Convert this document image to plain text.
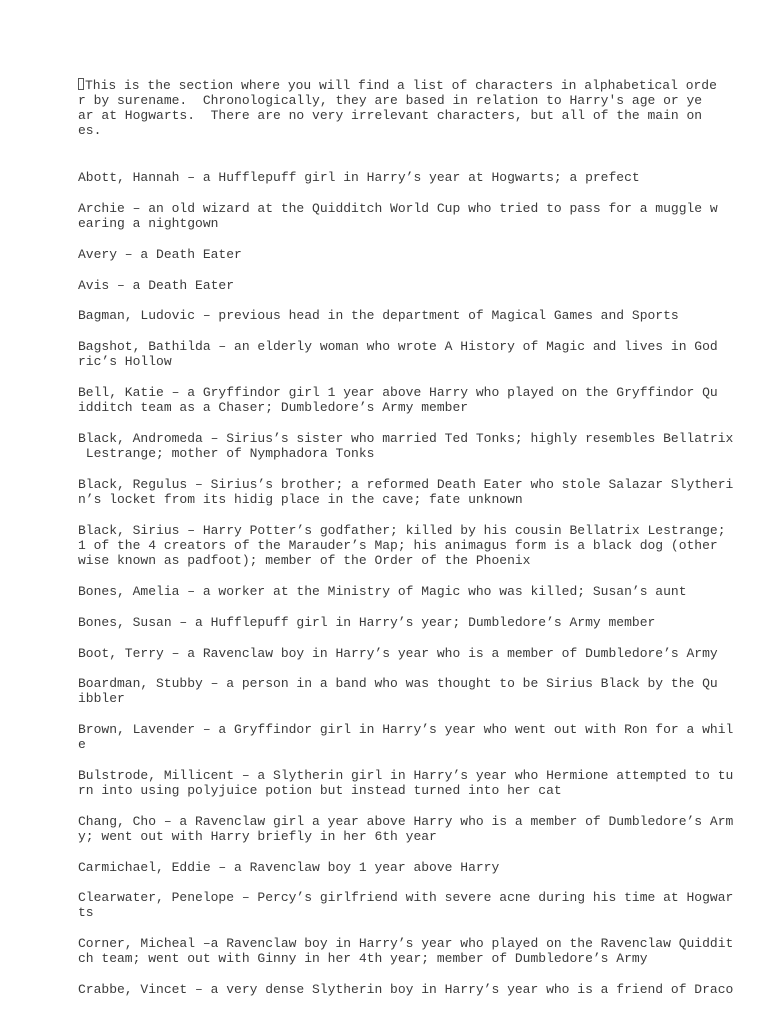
This is the section where you will find a list of characters in alphabetical orde
r by surename.  Chronologically, they are based in relation to Harry's age or ye
ar at Hogwarts.  There are no very irrelevant characters, but all of the main on
es.
Abott, Hannah – a Hufflepuff girl in Harry’s year at Hogwarts; a prefect
Archie – an old wizard at the Quidditch World Cup who tried to pass for a muggle w
earing a nightgown
Avery – a Death Eater
Avis – a Death Eater
Bagman, Ludovic – previous head in the department of Magical Games and Sports
Bagshot, Bathilda – an elderly woman who wrote A History of Magic and lives in God
ric’s Hollow
Bell, Katie – a Gryffindor girl 1 year above Harry who played on the Gryffindor Qu
idditch team as a Chaser; Dumbledore’s Army member
Black, Andromeda – Sirius’s sister who married Ted Tonks; highly resembles Bellatrix
Lestrange; mother of Nymphadora Tonks
Black, Regulus – Sirius’s brother; a reformed Death Eater who stole Salazar Slytheri
n’s locket from its hidig place in the cave; fate unknown
Black, Sirius – Harry Potter’s godfather; killed by his cousin Bellatrix Lestrange;
1 of the 4 creators of the Marauder’s Map; his animagus form is a black dog (other
wise known as padfoot); member of the Order of the Phoenix
Bones, Amelia – a worker at the Ministry of Magic who was killed; Susan’s aunt
Bones, Susan – a Hufflepuff girl in Harry’s year; Dumbledore’s Army member
Boot, Terry – a Ravenclaw boy in Harry’s year who is a member of Dumbledore’s Army
Boardman, Stubby – a person in a band who was thought to be Sirius Black by the Qu
ibbler
Brown, Lavender – a Gryffindor girl in Harry’s year who went out with Ron for a whil
e
Bulstrode, Millicent – a Slytherin girl in Harry’s year who Hermione attempted to tu
rn into using polyjuice potion but instead turned into her cat
Chang, Cho – a Ravenclaw girl a year above Harry who is a member of Dumbledore’s Arm
y; went out with Harry briefly in her 6th year
Carmichael, Eddie – a Ravenclaw boy 1 year above Harry
Clearwater, Penelope – Percy’s girlfriend with severe acne during his time at Hogwar
ts
Corner, Micheal –a Ravenclaw boy in Harry’s year who played on the Ravenclaw Quiddit
ch team; went out with Ginny in her 4th year; member of Dumbledore’s Army
Crabbe, Vincet – a very dense Slytherin boy in Harry’s year who is a friend of Draco
